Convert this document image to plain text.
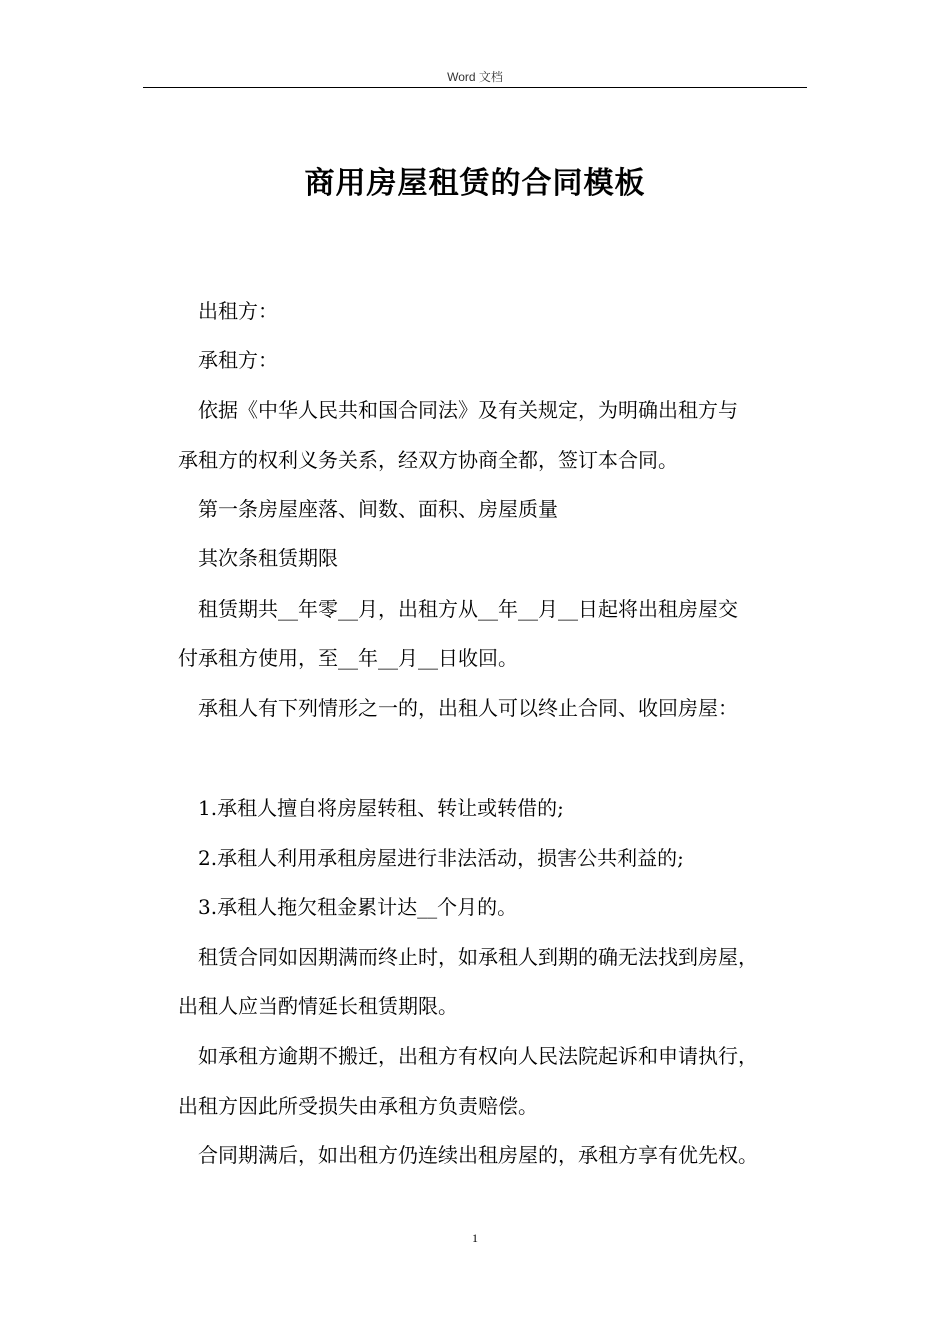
Word 文档
商用房屋租赁的合同模板
出租方：
承租方：
依据《中华人民共和国合同法》及有关规定，为明确出租方与
承租方的权利义务关系，经双方协商全都，签订本合同。
第一条房屋座落、间数、面积、房屋质量
其次条租赁期限
租赁期共__年零__月，出租方从__年__月__日起将出租房屋交
付承租方使用，至__年__月__日收回。
承租人有下列情形之一的，出租人可以终止合同、收回房屋：
1.承租人擅自将房屋转租、转让或转借的;
2.承租人利用承租房屋进行非法活动，损害公共利益的;
3.承租人拖欠租金累计达__个月的。
租赁合同如因期满而终止时，如承租人到期的确无法找到房屋，
出租人应当酌情延长租赁期限。
如承租方逾期不搬迁，出租方有权向人民法院起诉和申请执行，
出租方因此所受损失由承租方负责赔偿。
合同期满后，如出租方仍连续出租房屋的，承租方享有优先权。
1
